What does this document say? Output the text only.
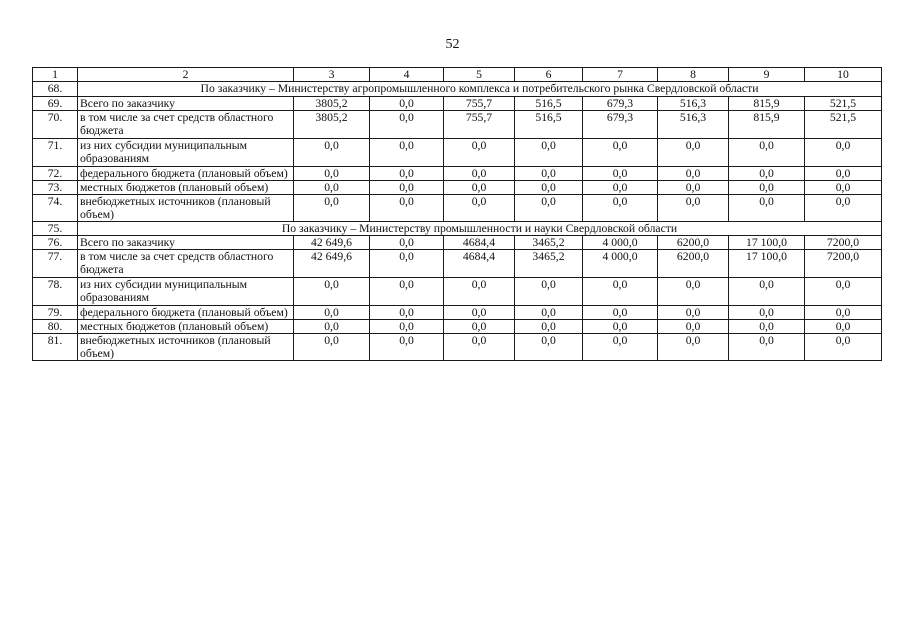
52
1	2	3	4	5	6	7	8	9	10
68.	По заказчику – Министерству агропромышленного комплекса и потребительского рынка Свердловской области								
69.	Всего по заказчику	3805,2	0,0	755,7	516,5	679,3	516,3	815,9	521,5
70.	в том числе за счет средств областного бюджета	3805,2	0,0	755,7	516,5	679,3	516,3	815,9	521,5
71.	из них субсидии муниципальным образованиям	0,0	0,0	0,0	0,0	0,0	0,0	0,0	0,0
72.	федерального бюджета (плановый объем)	0,0	0,0	0,0	0,0	0,0	0,0	0,0	0,0
73.	местных бюджетов (плановый объем)	0,0	0,0	0,0	0,0	0,0	0,0	0,0	0,0
74.	внебюджетных источников (плановый объем)	0,0	0,0	0,0	0,0	0,0	0,0	0,0	0,0
75.	По заказчику – Министерству промышленности и науки Свердловской области								
76.	Всего по заказчику	42 649,6	0,0	4684,4	3465,2	4 000,0	6200,0	17 100,0	7200,0
77.	в том числе за счет средств областного бюджета	42 649,6	0,0	4684,4	3465,2	4 000,0	6200,0	17 100,0	7200,0
78.	из них субсидии муниципальным образованиям	0,0	0,0	0,0	0,0	0,0	0,0	0,0	0,0
79.	федерального бюджета (плановый объем)	0,0	0,0	0,0	0,0	0,0	0,0	0,0	0,0
80.	местных бюджетов (плановый объем)	0,0	0,0	0,0	0,0	0,0	0,0	0,0	0,0
81.	внебюджетных источников (плановый объем)	0,0	0,0	0,0	0,0	0,0	0,0	0,0	0,0
